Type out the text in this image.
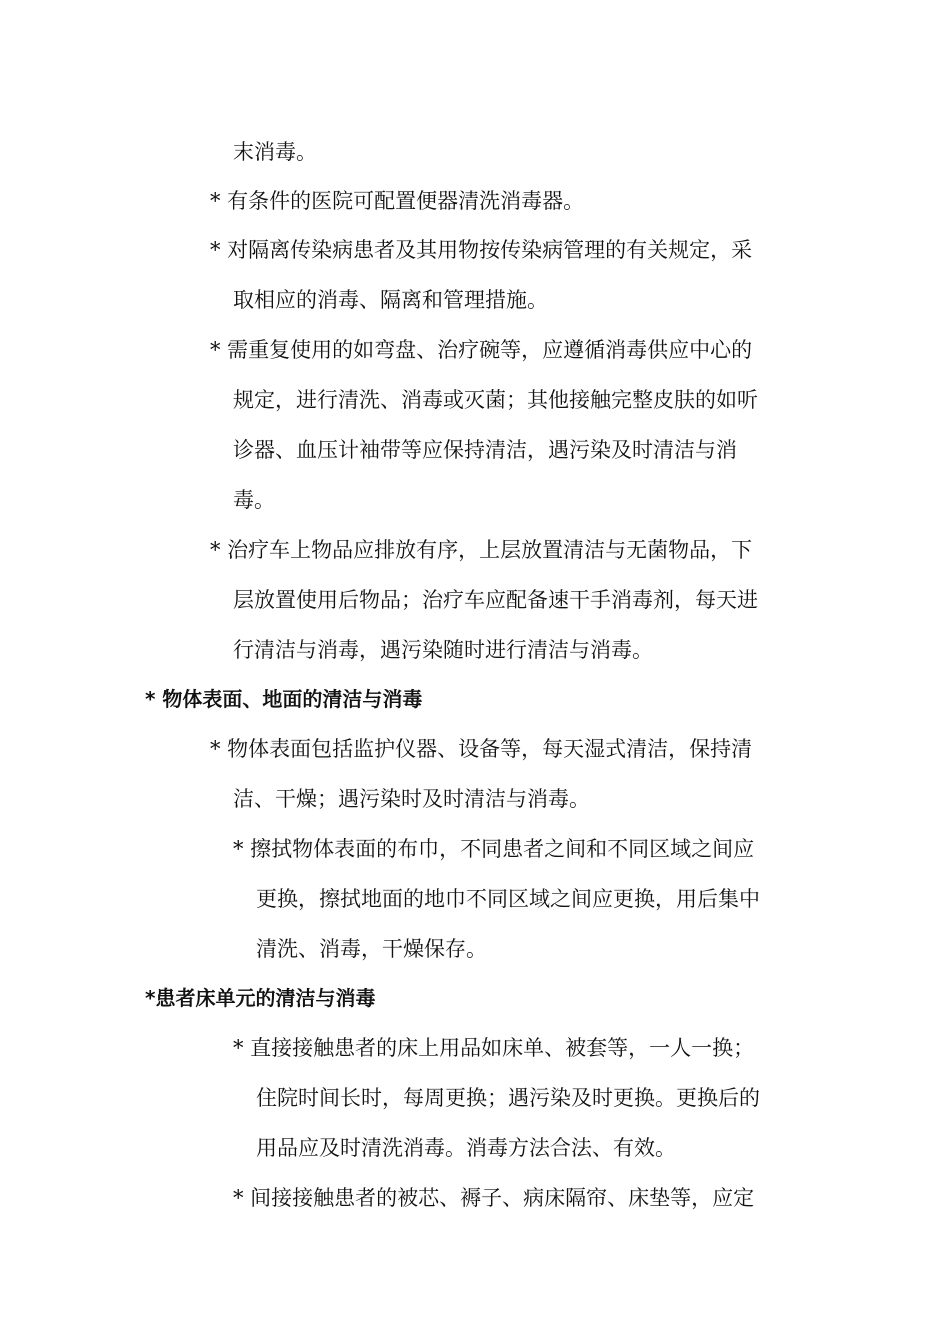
末消毒。
* 有条件的医院可配置便器清洗消毒器。
* 对隔离传染病患者及其用物按传染病管理的有关规定，采
取相应的消毒、隔离和管理措施。
* 需重复使用的如弯盘、治疗碗等，应遵循消毒供应中心的
规定，进行清洗、消毒或灭菌；其他接触完整皮肤的如听
诊器、血压计袖带等应保持清洁，遇污染及时清洁与消
毒。
* 治疗车上物品应排放有序，上层放置清洁与无菌物品，下
层放置使用后物品；治疗车应配备速干手消毒剂，每天进
行清洁与消毒，遇污染随时进行清洁与消毒。
* 物体表面、地面的清洁与消毒
* 物体表面包括监护仪器、设备等，每天湿式清洁，保持清
洁、干燥；遇污染时及时清洁与消毒。
* 擦拭物体表面的布巾，不同患者之间和不同区域之间应
更换，擦拭地面的地巾不同区域之间应更换，用后集中
清洗、消毒，干燥保存。
*患者床单元的清洁与消毒
* 直接接触患者的床上用品如床单、被套等，一人一换；
住院时间长时，每周更换；遇污染及时更换。更换后的
用品应及时清洗消毒。消毒方法合法、有效。
* 间接接触患者的被芯、褥子、病床隔帘、床垫等，应定
